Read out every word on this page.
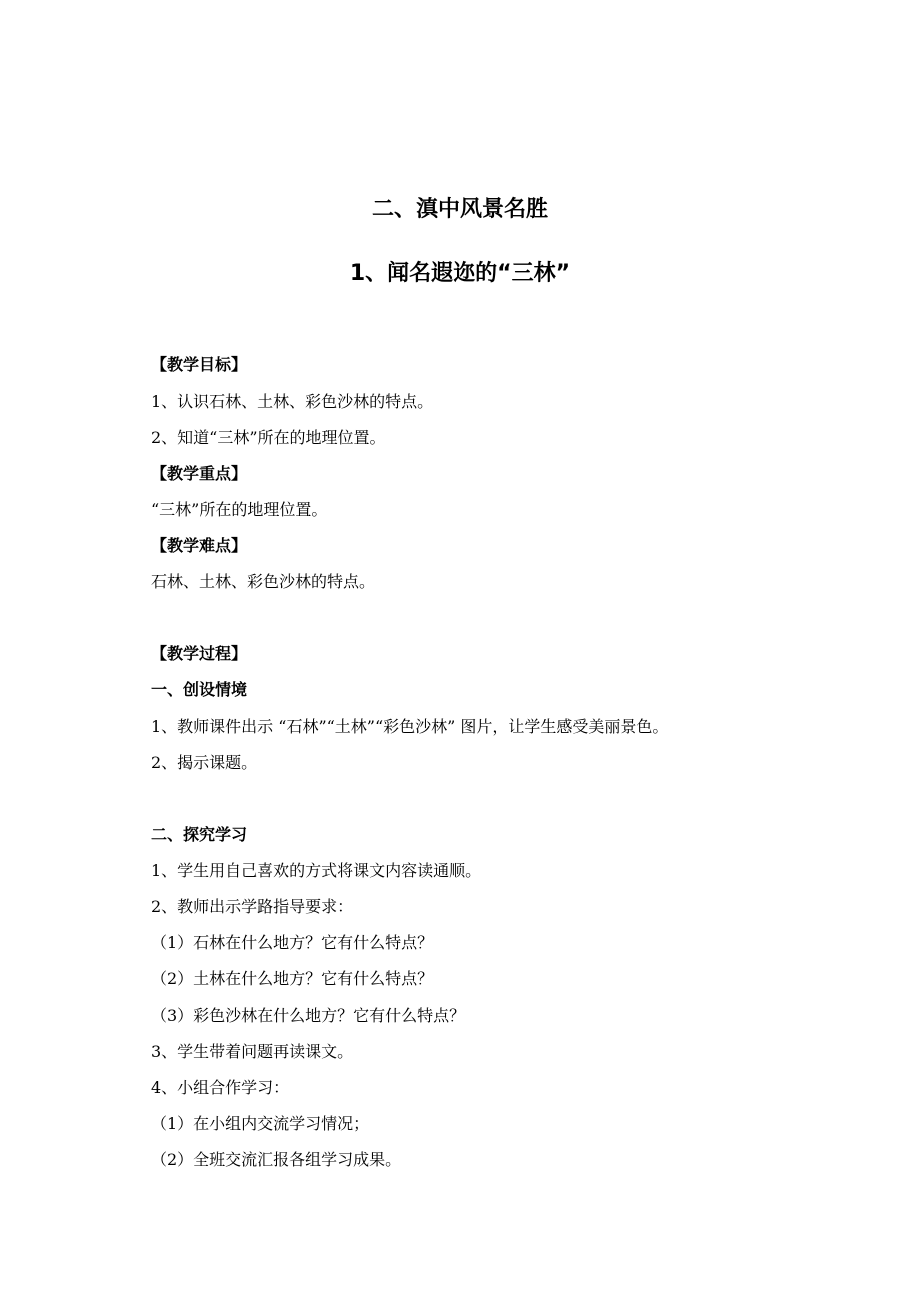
二、滇中风景名胜
1、闻名遐迩的“三林”
【教学目标】
1、认识石林、土林、彩色沙林的特点。
2、知道“三林”所在的地理位置。
【教学重点】
“三林”所在的地理位置。
【教学难点】
石林、土林、彩色沙林的特点。
【教学过程】
一、创设情境
1、教师课件出示 “石林”“土林”“彩色沙林” 图片，让学生感受美丽景色。
2、揭示课题。
二、探究学习
1、学生用自己喜欢的方式将课文内容读通顺。
2、教师出示学路指导要求：
（1）石林在什么地方？它有什么特点？
（2）土林在什么地方？它有什么特点？
（3）彩色沙林在什么地方？它有什么特点？
3、学生带着问题再读课文。
4、小组合作学习：
（1）在小组内交流学习情况；
（2）全班交流汇报各组学习成果。
